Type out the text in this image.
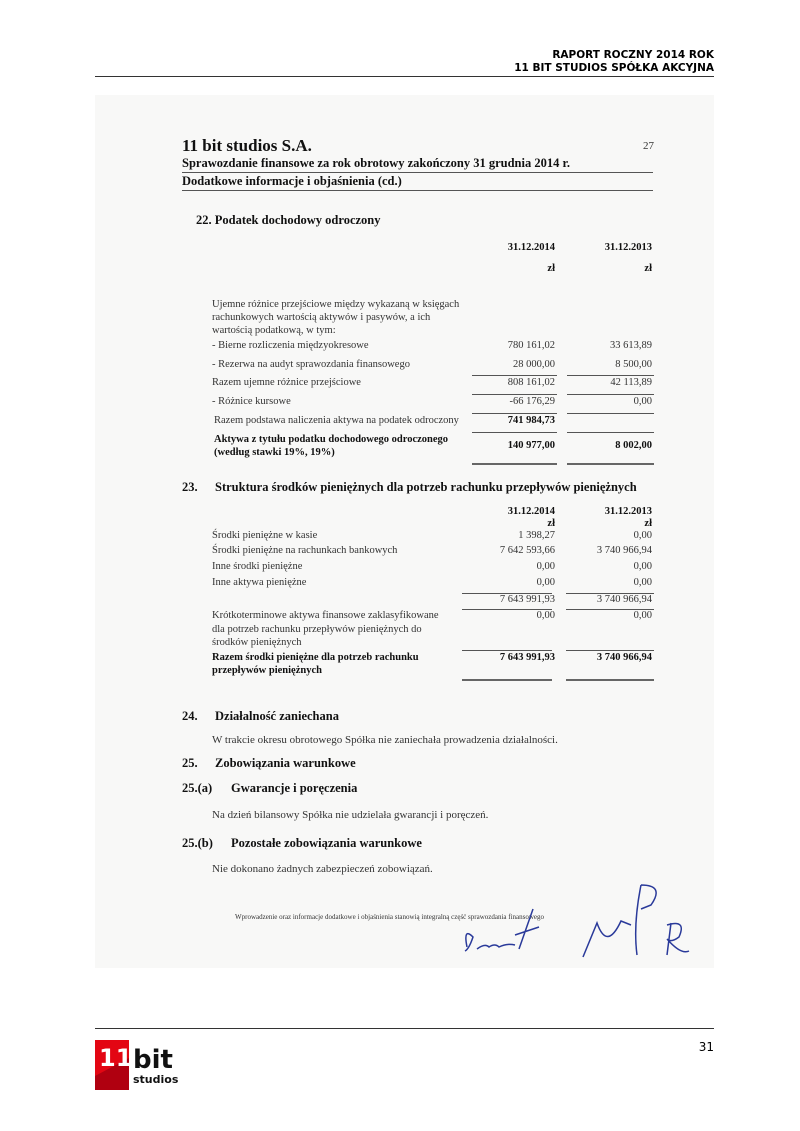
RAPORT ROCZNY 2014 ROK
11 BIT STUDIOS SPÓŁKA AKCYJNA
11 bit studios S.A.	27
Sprawozdanie finansowe za rok obrotowy zakończony 31 grudnia 2014 r.
Dodatkowe informacje i objaśnienia (cd.)
22. Podatek dochodowy odroczony
31.12.2014	31.12.2013
zł	zł
Ujemne różnice przejściowe między wykazaną w księgach
rachunkowych wartością aktywów i pasywów, a ich
wartością podatkową, w tym:
- Bierne rozliczenia międzyokresowe	780 161,02	33 613,89
- Rezerwa na audyt sprawozdania finansowego	28 000,00	8 500,00
Razem ujemne różnice przejściowe	808 161,02	42 113,89
- Różnice kursowe	-66 176,29	0,00
Razem podstawa naliczenia aktywa na podatek odroczony	741 984,73
Aktywa z tytułu podatku dochodowego odroczonego
(według stawki 19%, 19%)
140 977,00	8 002,00
23. Struktura środków pieniężnych dla potrzeb rachunku przepływów pieniężnych
31.12.2014	31.12.2013
zł	zł
Środki pieniężne w kasie	1 398,27	0,00
Środki pieniężne na rachunkach bankowych	7 642 593,66	3 740 966,94
Inne środki pieniężne	0,00	0,00
Inne aktywa pieniężne	0,00	0,00
7 643 991,93	3 740 966,94
Krótkoterminowe aktywa finansowe zaklasyfikowane
dla potrzeb rachunku przepływów pieniężnych do
środków pieniężnych
0,00	0,00
Razem środki pieniężne dla potrzeb rachunku
przepływów pieniężnych
7 643 991,93	3 740 966,94
24. Działalność zaniechana
W trakcie okresu obrotowego Spółka nie zaniechała prowadzenia działalności.
25. Zobowiązania warunkowe
25.(a) Gwarancje i poręczenia
Na dzień bilansowy Spółka nie udzielała gwarancji i poręczeń.
25.(b) Pozostałe zobowiązania warunkowe
Nie dokonano żadnych zabezpieczeń zobowiązań.
Wprowadzenie oraz informacje dodatkowe i objaśnienia stanowią integralną część sprawozdania finansowego
11 bit
studios
31
